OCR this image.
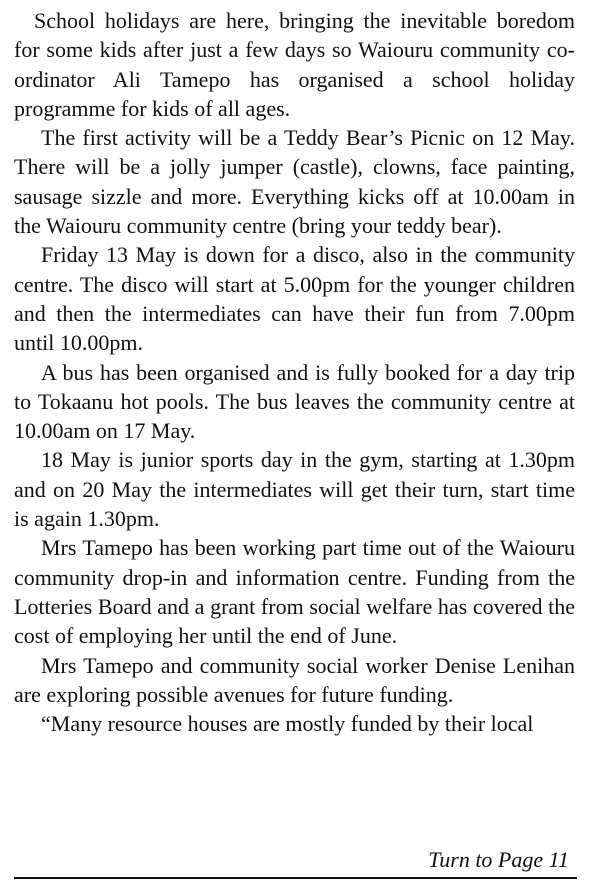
School holidays are here, bringing the inevitable boredom for some kids after just a few days so Waiouru community co-ordinator Ali Tamepo has organised a school holiday programme for kids of all ages.

The first activity will be a Teddy Bear’s Picnic on 12 May. There will be a jolly jumper (castle), clowns, face painting, sausage sizzle and more. Everything kicks off at 10.00am in the Waiouru community centre (bring your teddy bear).

Friday 13 May is down for a disco, also in the community centre. The disco will start at 5.00pm for the younger children and then the intermediates can have their fun from 7.00pm until 10.00pm.

A bus has been organised and is fully booked for a day trip to Tokaanu hot pools. The bus leaves the community centre at 10.00am on 17 May.

18 May is junior sports day in the gym, starting at 1.30pm and on 20 May the intermediates will get their turn, start time is again 1.30pm.

Mrs Tamepo has been working part time out of the Waiouru community drop-in and information centre. Funding from the Lotteries Board and a grant from social welfare has covered the cost of employing her until the end of June.

Mrs Tamepo and community social worker Denise Lenihan are exploring possible avenues for future funding.

“Many resource houses are mostly funded by their local

Turn to Page 11
